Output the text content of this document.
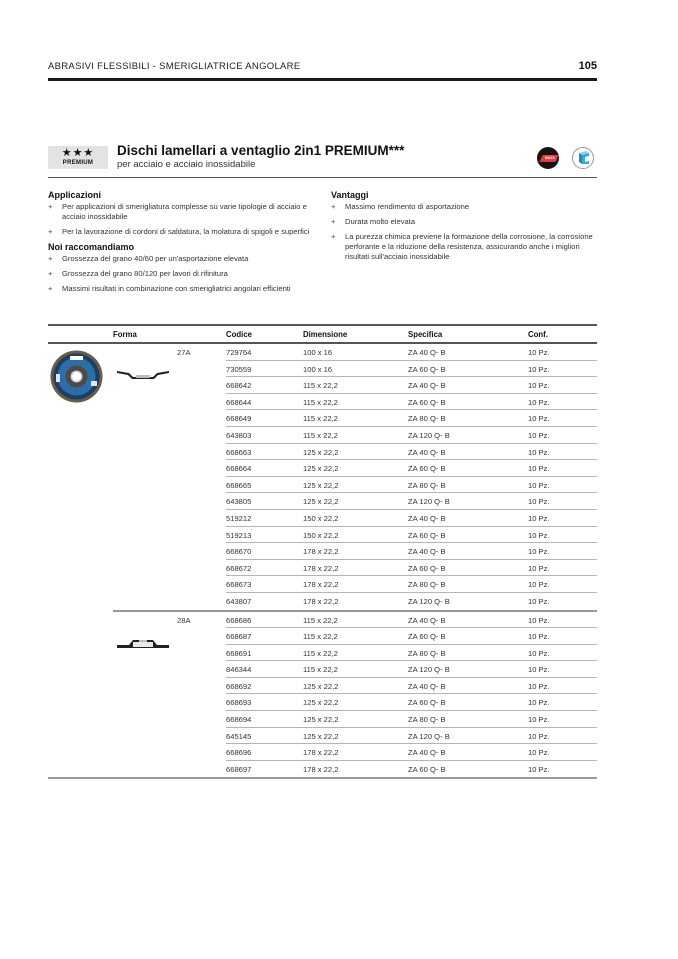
ABRASIVI FLESSIBILI - SMERIGLIATRICE ANGOLARE	105
★★★
PREMIUM
Dischi lamellari a ventaglio 2in1 PREMIUM***
per acciaio e acciaio inossidabile
INOX
Applicazioni
+ Per applicazioni di smerigliatura complesse su varie tipologie di acciaio e acciaio inossidabile
+ Per la lavorazione di cordoni di saldatura, la molatura di spigoli e superfici
Noi raccomandiamo
+ Grossezza del grano 40/60 per un'asportazione elevata
+ Grossezza del grano 80/120 per lavori di rifinitura
+ Massimi risultati in combinazione con smerigliatrici angolari efficienti
Vantaggi
+ Massimo rendimento di asportazione
+ Durata molto elevata
+ La purezza chimica previene la formazione della corrosione, la corrosione perforante e la riduzione della resistenza, assicurando anche i migliori risultati sull'acciaio inossidabile
Forma	Codice	Dimensione	Specifica	Conf.
27A	729764	100 x 16	ZA 40 Q- B	10 Pz.
730559	100 x 16	ZA 60 Q- B	10 Pz.
668642	115 x 22,2	ZA 40 Q- B	10 Pz.
668644	115 x 22,2	ZA 60 Q- B	10 Pz.
668649	115 x 22,2	ZA 80 Q- B	10 Pz.
643803	115 x 22,2	ZA 120 Q- B	10 Pz.
668663	125 x 22,2	ZA 40 Q- B	10 Pz.
668664	125 x 22,2	ZA 60 Q- B	10 Pz.
668665	125 x 22,2	ZA 80 Q- B	10 Pz.
643805	125 x 22,2	ZA 120 Q- B	10 Pz.
519212	150 x 22,2	ZA 40 Q- B	10 Pz.
519213	150 x 22,2	ZA 60 Q- B	10 Pz.
668670	178 x 22,2	ZA 40 Q- B	10 Pz.
668672	178 x 22,2	ZA 60 Q- B	10 Pz.
668673	178 x 22,2	ZA 80 Q- B	10 Pz.
643807	178 x 22,2	ZA 120 Q- B	10 Pz.
28A	668686	115 x 22,2	ZA 40 Q- B	10 Pz.
668687	115 x 22,2	ZA 60 Q- B	10 Pz.
668691	115 x 22,2	ZA 80 Q- B	10 Pz.
846344	115 x 22,2	ZA 120 Q- B	10 Pz.
668692	125 x 22,2	ZA 40 Q- B	10 Pz.
668693	125 x 22,2	ZA 60 Q- B	10 Pz.
668694	125 x 22,2	ZA 80 Q- B	10 Pz.
645145	125 x 22,2	ZA 120 Q- B	10 Pz.
668696	178 x 22,2	ZA 40 Q- B	10 Pz.
668697	178 x 22,2	ZA 60 Q- B	10 Pz.
